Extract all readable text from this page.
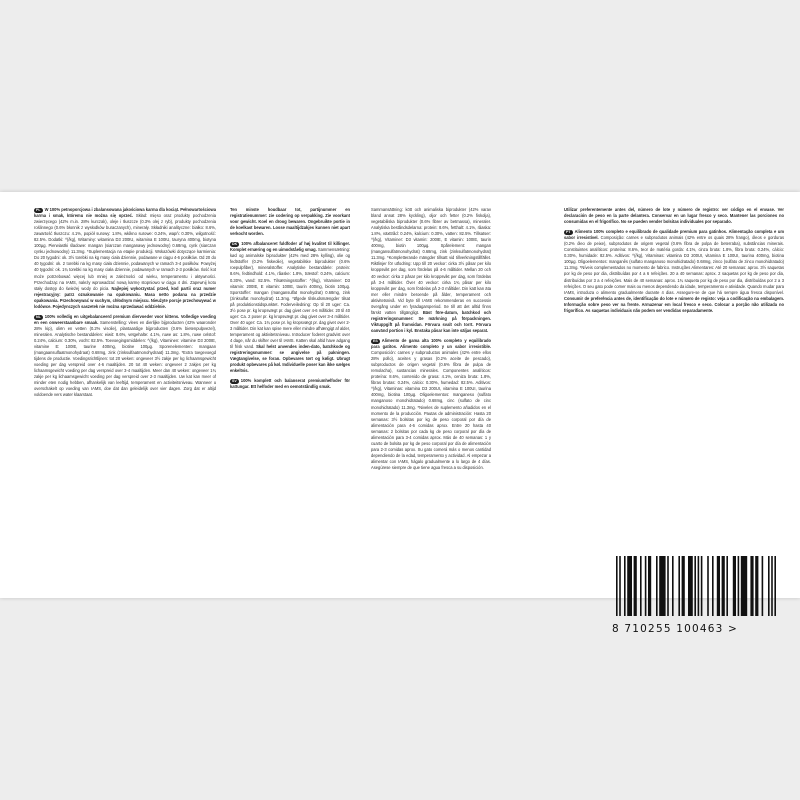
PL W 100% petnoporcjowa i zbalansowana jakościowa karma dla kociąt. Pełnowartościowa karma i smak, któremu nie można się oprzeć. Skład: mięso oraz produkty pochodzenia zwierzęcego (42% m.in. 28% kurczak), oleje i tłuszcze (0.3% olej z ryb), produkty pochodzenia roślinnego (0.6% błonnik z wysłodków buraczanych), minerały. Składniki analityczne: białko: 8.6%, zawartość tłuszczu: 4.1%, popiół surowy: 1.8%, włókno surowe: 0.24%, wapń: 0.30%, wilgotność: 82.5%. Dodatki: ^(/kg), Witaminy: witamina D3 200IU, witamina E 100IU, tauryna 400mg, biotyna 100µg. Pierwiastki śladowe: mangan (siarczan manganawy jednowodny) 0.68mg, cynk (siarczan cynku jednowodny) 11.3mg. *Suplementacja na etapie produkcji. Wskazówki dotyczące karmienia: Do 20 tygodni: ok. 3½ torebki na kg masy ciała dziennie, podawane w ciągu 4-6 posiłków. Od 20 do 40 tygodni: ok. 2 torebki na kg masy ciała dziennie, podawanych w ramach 3-4 posiłków. Powyżej 40 tygodni: ok. 1¾ torebki na kg masy ciała dziennie, podawanych w ramach 2-3 posiłków. Ilość kot może potrzebować więcej lub mniej w zależności od wieku, temperamentu i aktywności. Przechodząc na IAMS, należy wprowadzać nową karmę stopniowo w ciągu 4 dni. Zapewnij kotu stały dostęp do świeżej wody do picia. Najlepiej wykorzystać przed, kod partii oraz numer rejestracyjny: patrz oznakowanie na opakowaniu. Masa netto podana na przedzie opakowania. Przechowywać w suchym, chłodnym miejscu. Nieużyte porcje przechowywać w lodówce. Pojedynczych saszetek nie można sprzedawać oddzielnie.

NL 100% volledig en uitgebalanceerd premium diervoeder voor kittens. Volledige voeding en een onweerstaanbare smaak. Samenstelling: vlees en dierlijke bijproducten (42% waaronder 28% kip), oliën en vetten (0.2% visolie), plantaardige bijproducten (0.6% bietenpulpvezel), mineralen. Analytische bestanddelen: eiwit: 8.6%, vetgehalte: 4.1%, ruwe as: 1.8%, ruwe celstof: 0.24%, calcium: 0.30%, vocht: 82.5%. Toevoegingsmiddelen: ^(/kg), Vitaminen: vitamine D3 200IE, vitamine E: 100IE, taurine 400mg, biotine 100µg. Sporenelementen: mangaan (mangaansulfaatmonohydraat) 0.68mg, zink (zinksulfaatmonohydraat) 11.3mg. *Extra toegevoegd tijdens de productie. Voedingsrichtlijnen: tot 20 weken: ongeveer 3½ zakje per kg lichaamsgewicht voeding per dag verspreid over 4-6 maaltijden. 20 tot 40 weken: ongeveer 2 zakjes per kg lichaamsgewicht voeding per dag verspreid over 3-4 maaltijden. Meer dan 40 weken: ongeveer 1¾ zakje per kg lichaamsgewicht voeding per dag verspreid over 2-3 maaltijden. Uw kat kan meer of minder eten nodig hebben, afhankelijk van leeftijd, temperament en activiteitsniveau. Wanneer u overschakelt op voeding van IAMS, doe dat dan geleidelijk over vier dagen. Zorg dat er altijd voldoende vers water klaarstaat.

Ten minste houdbaar tot, partijnummer en registratienummer: zie codering op verpakking. Zie voorkant voor gewicht. Koel en droog bewaren. Ongebruikte portie in de koelkast bewaren. Losse maaltijdzakjes kunnen niet apart verkocht worden.

DK 100% afbalanceret fuldfoder af høj kvalitet til killinger. Komplet ernæring og en uimodståelig smag. Sammensætning: kød og animalske biprodukter (42% med 28% kylling), olie og fedtstoffer (0.2% fiskeolie), vegetabilske biprodukter (0.6% roepulpfiber), mineralstoffer. Analytiske bestanddele: protein: 8.6%, fedtindhold: 4.1%, råaske: 1.8%, træstof: 0.24%, calcium: 0.30%, vand: 82.5%. Tilsætningsstoffer: ^(/kg), Vitaminer: D3 vitamin: 200IE, E vitamin: 100IE, taurin 400mg, biotin 100µg. Sporstoffer: mangan (mangansulfat monohydrat) 0.68mg, zink (zinksulfat monohydrat) 11.3mg. *Øgede tilskudsmængder tilsat på produktionstidspunktet. Foderveiledning: Op til 20 uger: Ca. 3½ pose pr. kg kropsvægt pr. dag givet over 4-6 måltider. 20 til 40 uger: Ca. 2 poser pr. kg kropsvægt pr. dag givet over 3-4 måltider. Over 40 uger: Ca. 1¾ pose pr. kg kropsvægt pr. dag givet over 2-3 måltider. Din kat kan spise mere eller mindre afhængigt af alder, temperament og aktivitetsniveau. Introducer foderet gradvist over 4 dage, når du skifter over til IAMS. Katten skal altid have adgang til frisk vand. Skal helst anvendes inden-dato, batchkode og registreringsnummer: se angivelse på pakningen. Vægtangivelse, se foran. Opbevares tørt og køligt. Ubrugt produkt opbevares på køl. Individuelle poser kan ikke sælges enkeltvis.

SV 100% komplett och balanserat premiumhelfoder för kattungar. Ett helfoder med en oemotståndlig smak.

Sammansättning: kött och animaliska biprodukter (42% varav bland annat 28% kyckling), oljor och fetter (0.2% fiskolja), vegetabiliska biprodukter (0.6% fibrer av betmassa), mineraler. Analytiska beståndsdelarna: protein: 8.6%, fetthalt: 4.1%, råaska: 1.8%, växttråd: 0.24%, kalcium: 0.30%, vatten: 82.5%. Tillsatser: ^(/kg), Vitaminer: D3 vitamin: 200IE, E vitamin: 100IE, taurin 400mg, biotin 100µg. Spårelement: mangan (mangansulfatmonohydrat) 0.68mg, zink (zinksulfatmonohydrat) 11.3mg. *Kompletterande mängder tillsatt vid tillverkningstillfället. Riktlinjer för utfodring: Upp till 20 veckor: cirka 3½ påsar per kilo kroppsvikt per dag, som fördelas på 4-6 måltider. Mellan 20 och 40 veckor: cirka 2 påsar per kilo kroppsvikt per dag, som fördelas på 3-4 måltider. Över 40 veckor: cirka 1¾ påsar per kilo kroppsvikt per dag, som fördelas på 2-3 måltider. Din katt kan äta mer eller mindre beroende på ålder, temperament och aktivitetsnivå. Vid byte till IAMS rekommenderas en successiv övergång under en fyradagarsperiod. Se till att det alltid finns färskt vatten tillgängligt. Bäst före-datum, batchkod och registreringsnummer: Se märkning på förpackningen. Viktuppgift på framsidan. Förvara svalt och torrt. Förvara oanvänd portion i kyl. Enstaka påsar kan inte säljas separat.

ES Alimento de gama alta 100% completo y equilibrado para gatitos. Alimento completo y un sabor irresistible. Composición: carnes y subproductos animales (42% entre ellos 28% pollo), aceites y grasas (0.2% aceite de pescado), subproductos de origen vegetal (0.6% fibra de pulpa de remolacha), sustancias minerales. Componentes analíticos: proteína: 8.6%, contenido de grasa: 4.1%, ceniza bruta: 1.8%, fibras brutas: 0.24%, calcio: 0.30%, humedad: 82.5%. Aditivos: ^(/kg), Vitaminas: vitamina D3 200UI, vitamina E 100UI, taurina 400mg, biotina 100µg. Oligoelementos: manganeso (sulfato manganoso monohidratado) 0.68mg, cinc (sulfato de cinc monohidratado) 11.3mg. *Niveles de suplemento añadidos en el momento de la producción. Pautas de administración: Hasta 20 semanas: 3½ bolsitas por kg de peso corporal por día de alimentación para 4-6 comidas aprox. Entre 20 hasta 40 semanas: 2 bolsitas por cada kg de peso corporal por día de alimentación para 3-4 comidas aprox. Más de 40 semanas: 1 y cuarto de bolsita por kg de peso corporal por día de alimentación para 2-3 comidas aprox. Su gato comerá más o menos cantidad dependiendo de la edad, temperamento y actividad. Al empezar a alimentar con IAMS, hágalo gradualmente a lo largo de 4 días. Asegúrese siempre de que tiene agua fresca a su disposición.

Utilizar preferentemente antes del, número de lote y número de registro: ver código en el envase. Ver declaración de peso en la parte delantera. Conservar en un lugar fresco y seco. Mantener las porciones no consumidas en el frigorífico. No se pueden vender bolsitas individuales por separado.

PT Alimento 100% completo e equilibrado de qualidade premium para gatinhos. Alimentação completa e um sabor irresistível. Composição: carnes e subprodutos animais (42% entre os quais 28% frango), óleos e gorduras (0.2% óleo de peixe), subprodutos de origem vegetal (0.6% fibra de polpa de beterraba), substâncias minerais. Constituintes analíticos: proteína: 8.6%, teor de matéria gorda: 4.1%, cinza bruta: 1.8%, fibra bruta: 0.24%, cálcio: 0.30%, humidade: 82.5%. Aditivos: ^(/kg), Vitaminas: vitamina D3 200UI, vitamina E 100UI, taurina 400mg, biotina 100µg. Oligoelementos: manganês (sulfato manganoso monohidratado) 0.68mg, zinco (sulfato de zinco monohidratado) 11.3mg. *Níveis complementados no momento de fabrico. Instruções Alimentares: Até 20 semanas: aprox. 3½ saquetas por kg de peso por dia, distribuídas por 4 a 6 refeições. 20 a 40 semanas: aprox. 2 saquetas por kg de peso por dia, distribuídas por 3 a 4 refeições. Mais de 40 semanas: aprox. 1¾ saqueta por kg de peso por dia, distribuídas por 2 a 3 refeições. O seu gato pode comer mais ou menos dependendo da idade, temperamento e atividade. Quando mudar para IAMS, introduza o alimento gradualmente durante 4 dias. Assegure-se de que há sempre água fresca disponível. Consumir de preferência antes de, identificação do lote e número de registo: veja a codificação na embalagem. Informação sobre peso ver na frente. Armazenar em local fresco e seco. Colocar a porção não utilizada no frigorífico. As saquetas individuais não podem ser vendidas separadamente.

8 710255 100463 >
